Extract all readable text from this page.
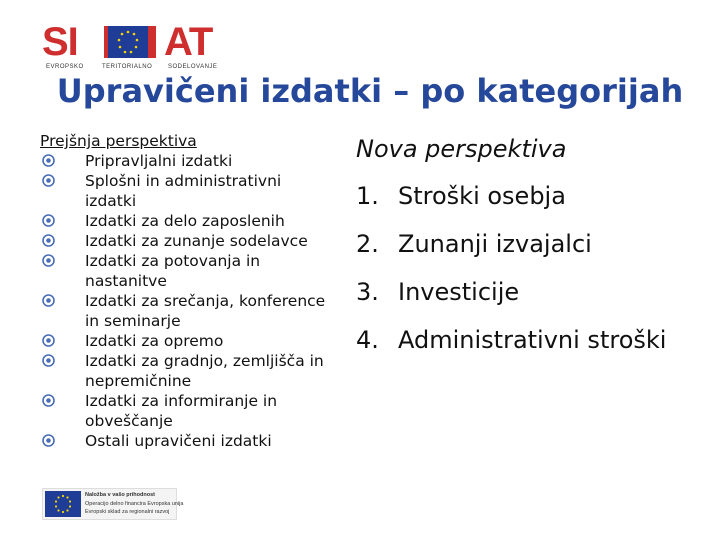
SI AT
EVROPSKO	TERITORIALNO	SODELOVANJE
Upravičeni izdatki – po kategorijah
Prejšnja perspektiva
Pripravljalni izdatki
Splošni in administrativni izdatki
Izdatki za delo zaposlenih
Izdatki za zunanje sodelavce
Izdatki za potovanja in nastanitve
Izdatki za srečanja, konference in seminarje
Izdatki za opremo
Izdatki za gradnjo, zemljišča in nepremičnine
Izdatki za informiranje in obveščanje
Ostali upravičeni izdatki
Nova perspektiva
1. Stroški osebja
2. Zunanji izvajalci
3. Investicije
4. Administrativni stroški
Naložba v vašo prihodnost
Operacijo delno financira Evropska unija
Evropski sklad za regionalni razvoj
